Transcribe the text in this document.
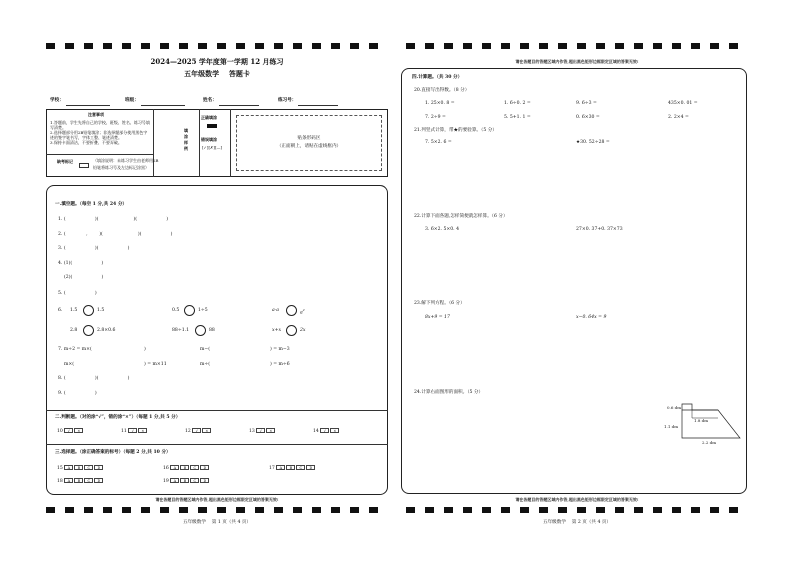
2024—2025 学年度第一学期 12 月练习
五年级数学    答题卡
学校：	班级：	姓名：	练习号：
注意事项
1.答题前，学生先将自己的学校、班级、姓名、练习号填写清楚。
2.选择题部分用2B铅笔填涂；非选择题部分使用黑色字迹的签字笔书写，字体工整、笔迹清楚。
3.保持卡面清洁，不要折叠、不要弄破。
填涂样例
正确填涂
错误填涂
[✓][✗][—]
贴条形码区
（正面朝上，请贴在虚线框内）
缺考标记	（填涂说明：未练习学生由老师用2B
铅笔将练习号及左边标记涂黑）
一.填空题。（每空 1 分,共 24 分）
1. (                    )(                        )(                    )
2. (              ,        )(                        )(                    )
3. (                    )(                    )
4. (1)(                    )
(2)(                    )
5. (                    )
6. 1.5	1.5	0.5	1÷5	a·a
$a^2$
2.8	2.8×0.6	88÷1.1	88	x+x	2x
7. m÷2 = m×(	)	m−(	) = m−3
m×(	) = m×11	m÷(	) = m÷6
8. (                    )(                    )
9. (                    )
二.判断题。（对的涂“√”，错的涂“×”）（每题 1 分,共 5 分）
10 √ ×	11 √ ×	12 √ ×	13 √ ×	14 √ ×
三.选择题。（涂正确答案的标号）（每题 2 分,共 10 分）
15 A B C D	16 A B C D	17 A B C D
18 A B C D	19 A B C D
请在各题目的答题区域内作答,超出黑色矩形边框限定区域的答案无效!
五年级数学    第 1 页（共 4 页）
请在各题目的答题区域内作答,超出黑色矩形边框限定区域的答案无效!
四.计算题。（共 30 分）
20.直接写出得数。（8 分）
1. 25×0. 8 =	1. 6÷0. 2 =	9. 6÷3 =	435×0. 01 =
7. 2÷9 =	5. 5+1. 1 =	0. 6×30 =	2. 2×4 =
21.列竖式计算，带★的要验算。（5 分）
7. 5×2. 6 =	★30. 52÷28 =
22.计算下面各题,怎样简便就怎样算。（6 分）
3. 6×2. 5×0. 4	27×0. 37+0. 37×73
23.解下列方程。（6 分）
8x+9 = 17	x−0. 64x = 9
24.计算右面图形的面积。（5 分）
0.6 dm
1.8 dm
1.1 dm
2.2 dm
请在各题目的答题区域内作答,超出黑色矩形边框限定区域的答案无效!
五年级数学    第 2 页（共 4 页）
